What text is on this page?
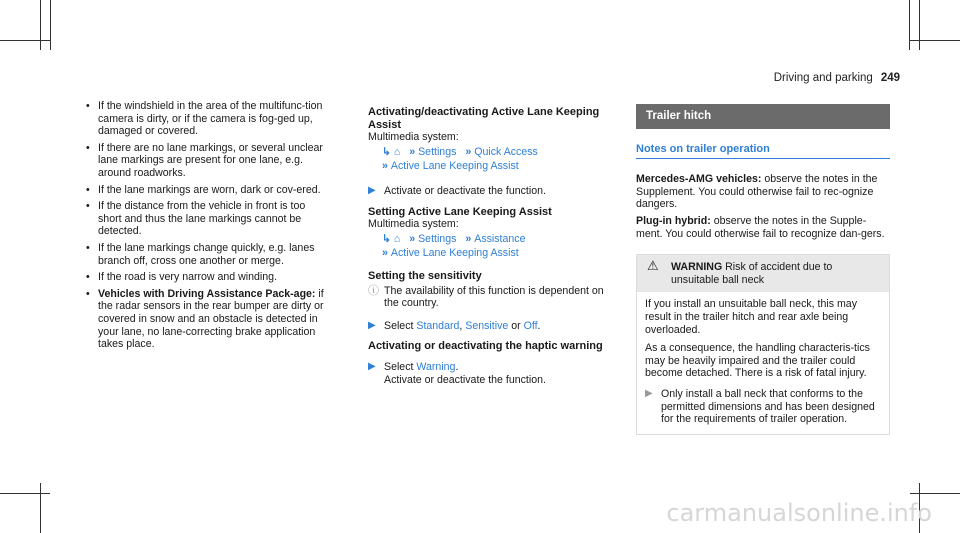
Driving and parking 249
• If the windshield in the area of the multifunc-tion camera is dirty, or if the camera is fog-ged up, damaged or covered.
• If there are no lane markings, or several unclear lane markings are present for one lane, e.g. around roadworks.
• If the lane markings are worn, dark or cov-ered.
• If the distance from the vehicle in front is too short and thus the lane markings cannot be detected.
• If the lane markings change quickly, e.g. lanes branch off, cross one another or merge.
• If the road is very narrow and winding.
• Vehicles with Driving Assistance Pack-age: if the radar sensors in the rear bumper are dirty or covered in snow and an obstacle is detected in your lane, no lane-correcting brake application takes place.

Activating/deactivating Active Lane Keeping Assist

Multimedia system:
↳ ⌂ » Settings » Quick Access
» Active Lane Keeping Assist
▶ Activate or deactivate the function.

Setting Active Lane Keeping Assist

Multimedia system:
↳ ⌂ » Settings » Assistance
» Active Lane Keeping Assist

Setting the sensitivity

ⓘ The availability of this function is dependent on the country.
▶ Select Standard, Sensitive or Off.

Activating or deactivating the haptic warning

▶ Select Warning.
Activate or deactivate the function.
Trailer hitch
Notes on trailer operation

Mercedes-AMG vehicles: observe the notes in the Supplement. You could otherwise fail to rec-ognize dangers.

Plug-in hybrid: observe the notes in the Supple-ment. You could otherwise fail to recognize dan-gers.

⚠ WARNING Risk of accident due to unsuitable ball neck

If you install an unsuitable ball neck, this may result in the trailer hitch and rear axle being overloaded.

As a consequence, the handling characteris-tics may be heavily impaired and the trailer could become detached. There is a risk of fatal injury.

▶ Only install a ball neck that conforms to the permitted dimensions and has been designed for the requirements of trailer operation.
carmanualsonline.info
